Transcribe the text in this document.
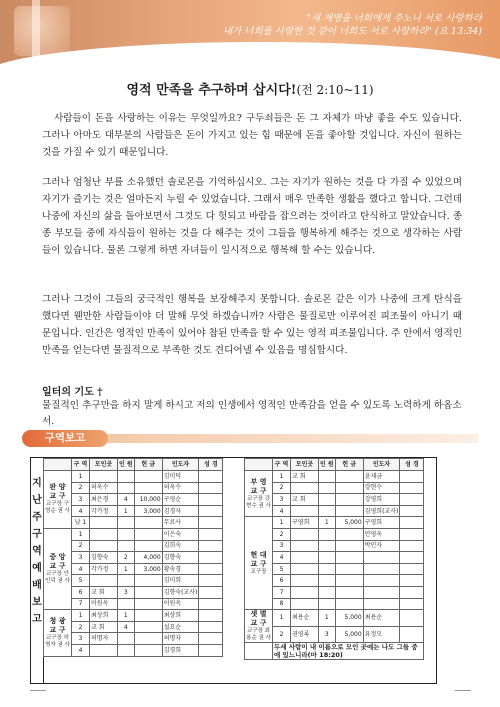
"새 계명을 너희에게 주노니 서로 사랑하라
내가 너희를 사랑한 것 같이 너희도 서로 사랑하라" (요 13:34)
영적 만족을 추구하며 삽시다!(전 2:10~11)

사람들이 돈을 사랑하는 이유는 무엇일까요? 구두쇠들은 돈 그 자체가 마냥 좋을 수도 있습니다. 그러나 아마도 대부분의 사람들은 돈이 가지고 있는 힘 때문에 돈을 좋아할 것입니다. 자신이 원하는 것을 가질 수 있기 때문입니다.

그러나 엄청난 부를 소유했던 솔로몬을 기억하십시오. 그는 자기가 원하는 것을 다 가질 수 있었으며 자기가 즐기는 것은 얼마든지 누릴 수 있었습니다. 그래서 매우 만족한 생활을 했다고 합니다. 그런데 나중에 자신의 삶을 돌아보면서 그것도 다 헛되고 바람을 잡으려는 것이라고 탄식하고 말았습니다. 종종 부모들 중에 자식들이 원하는 것을 다 해주는 것이 그들을 행복하게 해주는 것으로 생각하는 사람들이 있습니다. 물론 그렇게 하면 자녀들이 일시적으로 행복해 할 수는 있습니다.

그러나 그것이 그들의 궁극적인 행복을 보장해주지 못합니다. 솔로몬 같은 이가 나중에 크게 탄식을 했다면 웬만한 사람들이야 더 말해 무엇 하겠습니까? 사람은 물질로만 이루어진 피조물이 아니기 때문입니다. 인간은 영적인 만족이 있어야 참된 만족을 할 수 있는 영적 피조물입니다. 주 안에서 영적인 만족을 얻는다면 물질적으로 부족한 것도 견디어낼 수 있음을 명심합시다.

일터의 기도 †

물질적인 추구만을 하지 말게 하시고 저의 인생에서 영적인 만족감을 얻을 수 있도록 노력하게 하옵소서.

구역보고
지
난
주
구
역
예
배
보
고
	구 역	모인곳	인 원	헌 금	인도자	성 경

판 양 교 구
교구장 구영순 권 사	1				김미덕	
	2	허옥수			허옥수	
	3	최은경	4	10,000	구영순	
	4	각가정	1	3,000	김경자	
	남 1				무료사	

중 앙 교 구
교구장 안인덕 권 사	1				이은숙	
	2				김희숙	
	3	김향숙	2	4,000	김향숙	
	4	각가정	1	3,000	황숙경	
	5				김미희	
	6	교 회	3		김향숙(교사)	
	7	이원옥			이원옥	

청 광 교 구
교구장 허명자 권 사	1	최상희	1		최상희	
	2	교 회	4		설요순	
	3	허명자			허명자	
	4				김경희	
	구 역	모인곳	인 원	헌 금	인도자	성 경

부 영 교 구
교구장 강현수 권 사	1	교 회			윤재금	
	2				강현수	
	3	교 회			강영희	
	4				김영희(교사)	

현 대 교 구
교구장	1	구영희	1	5,000	구영희	
	2				안영옥	
	3				박민자	
	4					
	5					
	6					
	7					
	8					

샛 별 교 구
교구장 최용순 권 사	1	최용순	1	5,000	최용순	
	2	권영록	3	5,000	유정모	
	두세 사람이 내 이름으로 모인 곳에는 나도 그들 중에 있느니라(마 18:20)					
